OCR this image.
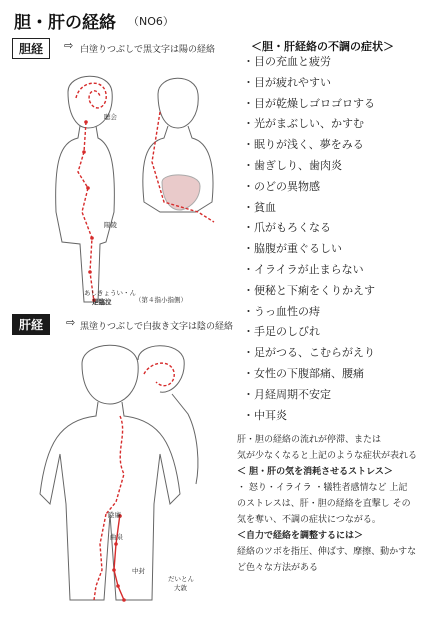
胆・肝の経絡 （NO6）
胆経	⇨ 白塗りつぶしで黒文字は陽の経絡
聴会
陽陵
あしきょうい・ん
足臨泣	（第４指小指側）
肝経	⇨ 黒塗りつぶしで白抜き文字は陰の経絡
陰廉
曲泉
中封
だいとん
大敦
＜胆・肝経絡の不調の症状＞
・目の充血と疲労
・目が疲れやすい
・目が乾燥しゴロゴロする
・光がまぶしい、かすむ
・眠りが浅く、夢をみる
・歯ぎしり、歯肉炎
・のどの異物感
・貧血
・爪がもろくなる
・脇腹が重ぐるしい
・イライラが止まらない
・便秘と下痢をくりかえす
・うっ血性の痔
・手足のしびれ
・足がつる、こむらがえり
・女性の下腹部痛、腰痛
・月経周期不安定
・中耳炎
肝・胆の経絡の流れが停滞、または
気が少なくなると上記のような症状が表れる
＜ 胆・肝の気を消耗させるストレス＞
・ 怒り・イライラ ・犠牲者感情など 上記
のストレスは、肝・胆の経絡を直撃し その
気を奪い、不調の症状につながる。
＜自力で経絡を調整するには＞
経絡のツボを指圧、伸ばす、摩擦、動かすな
ど色々な方法がある
